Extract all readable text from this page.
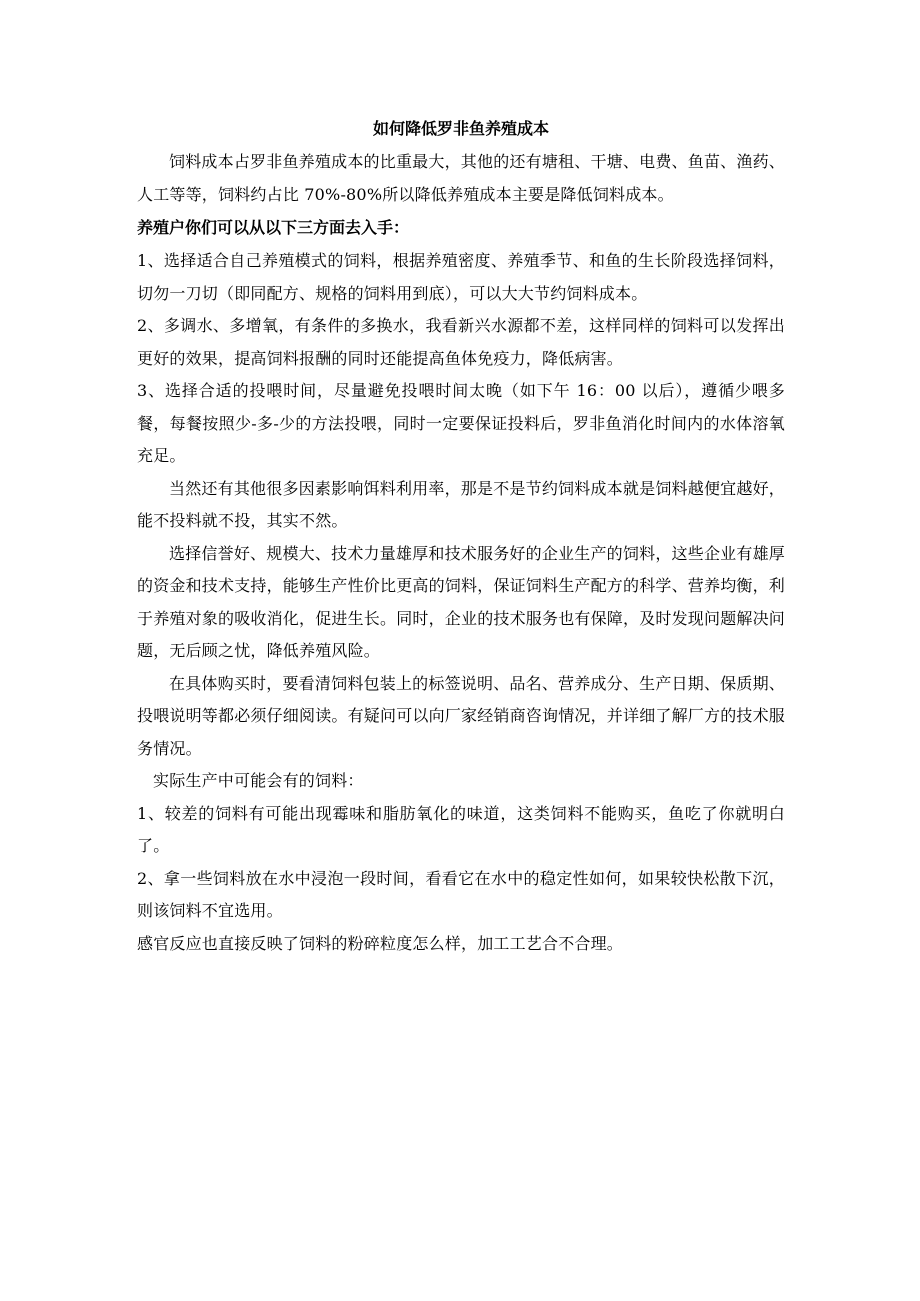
如何降低罗非鱼养殖成本

饲料成本占罗非鱼养殖成本的比重最大，其他的还有塘租、干塘、电费、鱼苗、渔药、人工等等，饲料约占比 70%-80%所以降低养殖成本主要是降低饲料成本。

养殖户你们可以从以下三方面去入手：

1、选择适合自己养殖模式的饲料，根据养殖密度、养殖季节、和鱼的生长阶段选择饲料，切勿一刀切（即同配方、规格的饲料用到底），可以大大节约饲料成本。

2、多调水、多增氧，有条件的多换水，我看新兴水源都不差，这样同样的饲料可以发挥出更好的效果，提高饲料报酬的同时还能提高鱼体免疫力，降低病害。

3、选择合适的投喂时间，尽量避免投喂时间太晚（如下午 16：00 以后），遵循少喂多餐，每餐按照少-多-少的方法投喂，同时一定要保证投料后，罗非鱼消化时间内的水体溶氧充足。

当然还有其他很多因素影响饵料利用率，那是不是节约饲料成本就是饲料越便宜越好，能不投料就不投，其实不然。

选择信誉好、规模大、技术力量雄厚和技术服务好的企业生产的饲料，这些企业有雄厚的资金和技术支持，能够生产性价比更高的饲料，保证饲料生产配方的科学、营养均衡，利于养殖对象的吸收消化，促进生长。同时，企业的技术服务也有保障，及时发现问题解决问题，无后顾之忧，降低养殖风险。

在具体购买时，要看清饲料包装上的标签说明、品名、营养成分、生产日期、保质期、投喂说明等都必须仔细阅读。有疑问可以向厂家经销商咨询情况，并详细了解厂方的技术服务情况。

实际生产中可能会有的饲料：

1、较差的饲料有可能出现霉味和脂肪氧化的味道，这类饲料不能购买，鱼吃了你就明白了。

2、拿一些饲料放在水中浸泡一段时间，看看它在水中的稳定性如何，如果较快松散下沉，则该饲料不宜选用。

感官反应也直接反映了饲料的粉碎粒度怎么样，加工工艺合不合理。
